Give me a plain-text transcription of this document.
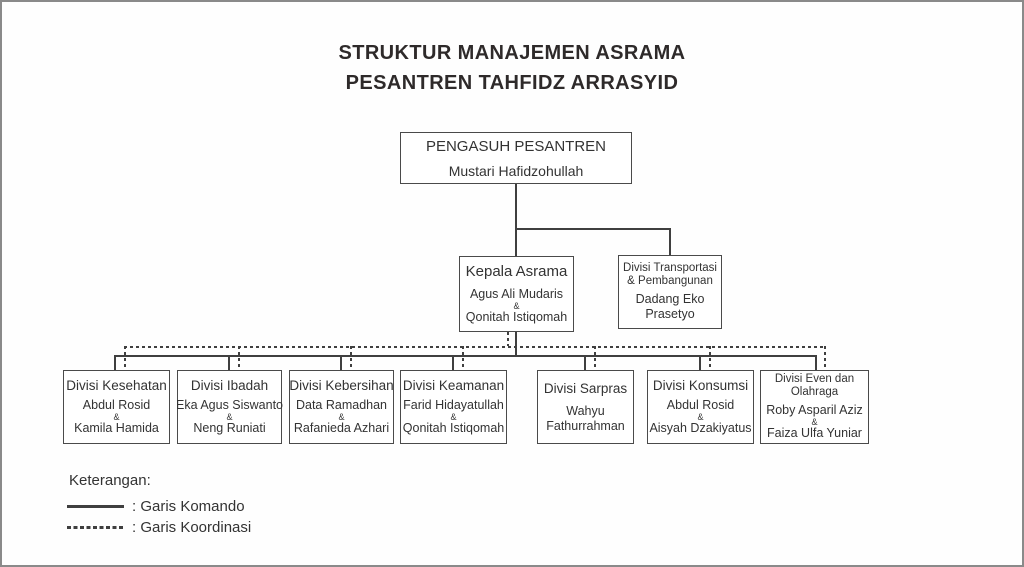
STRUKTUR MANAJEMEN ASRAMA
PESANTREN TAHFIDZ ARRASYID
PENGASUH PESANTREN
Mustari Hafidzohullah
Kepala Asrama
Agus Ali Mudaris
&
Qonitah Istiqomah
Divisi Transportasi
& Pembangunan
Dadang Eko
Prasetyo
Divisi Kesehatan
Abdul Rosid
&
Kamila Hamida
Divisi Ibadah
Eka Agus Siswanto
&
Neng Runiati
Divisi Kebersihan
Data Ramadhan
&
Rafanieda Azhari
Divisi Keamanan
Farid Hidayatullah
&
Qonitah Istiqomah
Divisi Sarpras
Wahyu
Fathurrahman
Divisi Konsumsi
Abdul Rosid
&
Aisyah Dzakiyatus
Divisi Even dan
Olahraga
Roby Asparil Aziz
&
Faiza Ulfa Yuniar
Keterangan:
: Garis Komando
: Garis Koordinasi
